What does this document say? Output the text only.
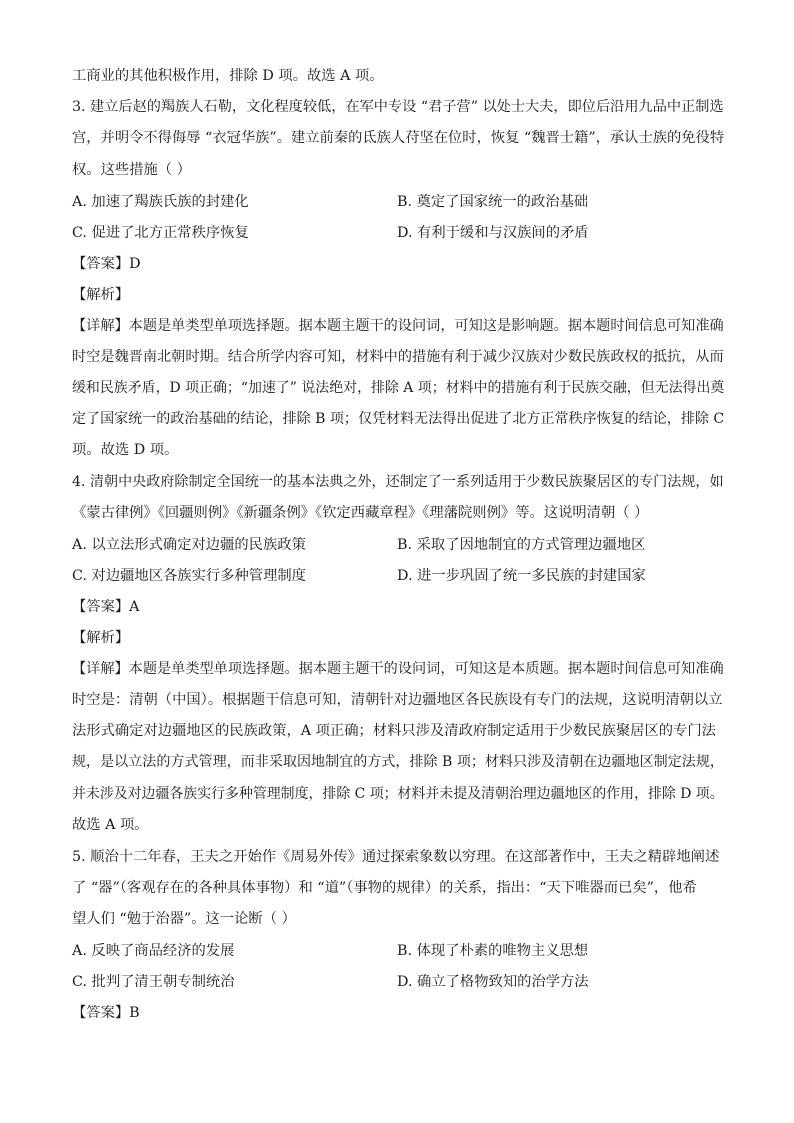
工商业的其他积极作用，排除 D 项。故选 A 项。
3. 建立后赵的羯族人石勒，文化程度较低，在军中专设 “君子营” 以处士大夫，即位后沿用九品中正制选
宫，并明令不得侮辱 “衣冠华族”。建立前秦的氐族人苻坚在位时，恢复 “魏晋士籍”，承认士族的免役特
权。这些措施（ ）
A. 加速了羯族氏族的封建化	B. 奠定了国家统一的政治基础
C. 促进了北方正常秩序恢复	D. 有利于缓和与汉族间的矛盾
【答案】D
【解析】
【详解】本题是单类型单项选择题。据本题主题干的设问词，可知这是影响题。据本题时间信息可知准确
时空是魏晋南北朝时期。结合所学内容可知，材料中的措施有利于减少汉族对少数民族政权的抵抗，从而
缓和民族矛盾，D 项正确；“加速了” 说法绝对，排除 A 项；材料中的措施有利于民族交融，但无法得出奠
定了国家统一的政治基础的结论，排除 B 项；仅凭材料无法得出促进了北方正常秩序恢复的结论，排除 C
项。故选 D 项。
4. 清朝中央政府除制定全国统一的基本法典之外，还制定了一系列适用于少数民族聚居区的专门法规，如
《蒙古律例》《回疆则例》《新疆条例》《钦定西藏章程》《理藩院则例》等。这说明清朝（ ）
A. 以立法形式确定对边疆的民族政策	B. 采取了因地制宜的方式管理边疆地区
C. 对边疆地区各族实行多种管理制度	D. 进一步巩固了统一多民族的封建国家
【答案】A
【解析】
【详解】本题是单类型单项选择题。据本题主题干的设问词，可知这是本质题。据本题时间信息可知准确
时空是：清朝（中国）。根据题干信息可知，清朝针对边疆地区各民族设有专门的法规，这说明清朝以立
法形式确定对边疆地区的民族政策，A 项正确；材料只涉及清政府制定适用于少数民族聚居区的专门法
规，是以立法的方式管理，而非采取因地制宜的方式，排除 B 项；材料只涉及清朝在边疆地区制定法规，
并未涉及对边疆各族实行多种管理制度，排除 C 项；材料并未提及清朝治理边疆地区的作用，排除 D 项。
故选 A 项。
5. 顺治十二年春，王夫之开始作《周易外传》通过探索象数以穷理。在这部著作中，王夫之精辟地阐述
了 “器”（客观存在的各种具体事物）和 “道”（事物的规律）的关系，指出：“天下唯器而已矣”，他希
望人们 “勉于治器”。这一论断（ ）
A. 反映了商品经济的发展	B. 体现了朴素的唯物主义思想
C. 批判了清王朝专制统治	D. 确立了格物致知的治学方法
【答案】B
